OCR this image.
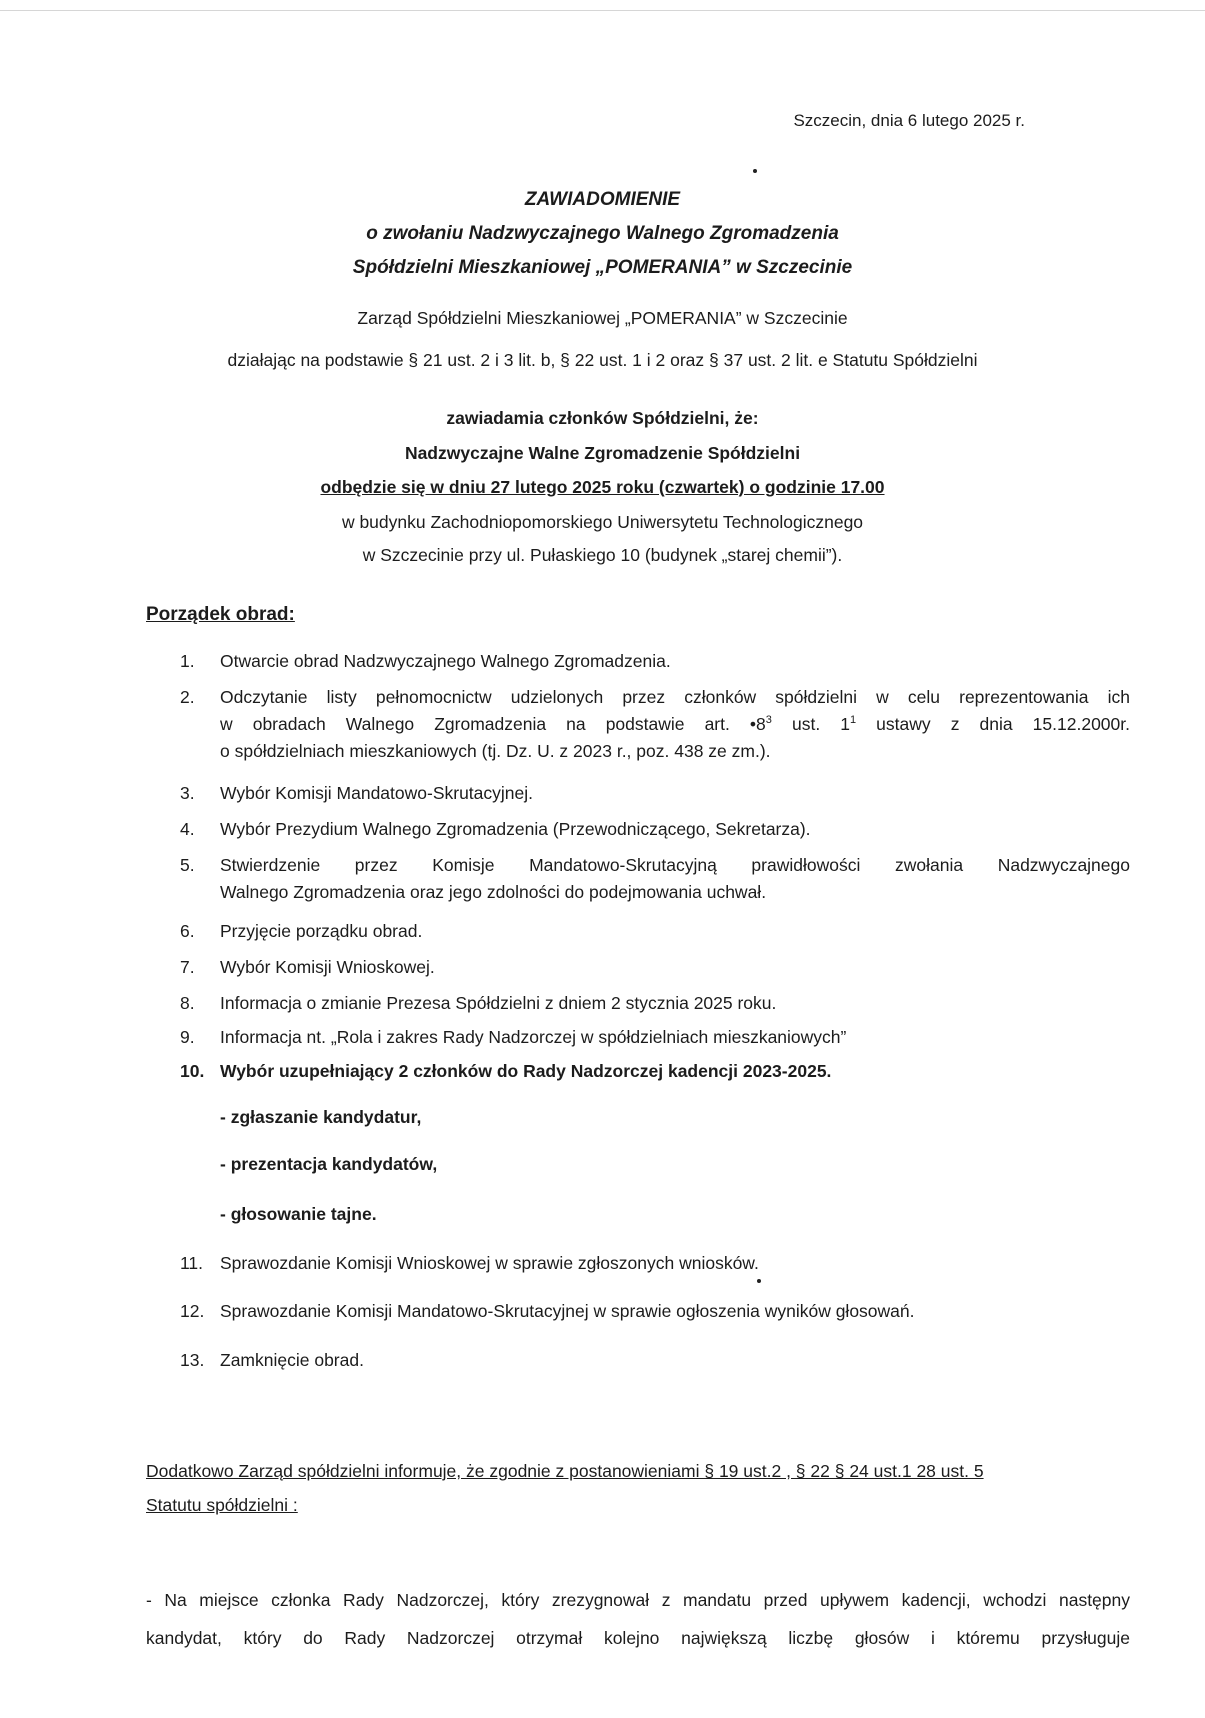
Szczecin, dnia 6 lutego 2025 r.
ZAWIADOMIENIE
o zwołaniu Nadzwyczajnego Walnego Zgromadzenia
Spółdzielni Mieszkaniowej „POMERANIA” w Szczecinie
Zarząd Spółdzielni Mieszkaniowej „POMERANIA” w Szczecinie
działając na podstawie § 21 ust. 2 i 3 lit. b, § 22 ust. 1 i 2 oraz § 37 ust. 2 lit. e Statutu Spółdzielni
zawiadamia członków Spółdzielni, że:
Nadzwyczajne Walne Zgromadzenie Spółdzielni
odbędzie się w dniu 27 lutego 2025 roku (czwartek) o godzinie 17.00
w budynku Zachodniopomorskiego Uniwersytetu Technologicznego
w Szczecinie przy ul. Pułaskiego 10 (budynek „starej chemii”).
Porządek obrad:
1.	Otwarcie obrad Nadzwyczajnego Walnego Zgromadzenia.
2.	Odczytanie listy pełnomocnictw udzielonych przez członków spółdzielni w celu reprezentowania ich
w obradach Walnego Zgromadzenia na podstawie art. $•8^3$ ust. $1^1$ ustawy z dnia 15.12.2000r.
o spółdzielniach mieszkaniowych (tj. Dz. U. z 2023 r., poz. 438 ze zm.).
3.	Wybór Komisji Mandatowo-Skrutacyjnej.
4.	Wybór Prezydium Walnego Zgromadzenia (Przewodniczącego, Sekretarza).
5.	Stwierdzenie przez Komisje Mandatowo-Skrutacyjną prawidłowości zwołania Nadzwyczajnego
Walnego Zgromadzenia oraz jego zdolności do podejmowania uchwał.
6.	Przyjęcie porządku obrad.
7.	Wybór Komisji Wnioskowej.
8.	Informacja o zmianie Prezesa Spółdzielni z dniem 2 stycznia 2025 roku.
9.	Informacja nt. „Rola i zakres Rady Nadzorczej w spółdzielniach mieszkaniowych”
10. Wybór uzupełniający 2 członków do Rady Nadzorczej kadencji 2023-2025.
- zgłaszanie kandydatur,
- prezentacja kandydatów,
- głosowanie tajne.
11. Sprawozdanie Komisji Wnioskowej w sprawie zgłoszonych wniosków.
12. Sprawozdanie Komisji Mandatowo-Skrutacyjnej w sprawie ogłoszenia wyników głosowań.
13. Zamknięcie obrad.
Dodatkowo Zarząd spółdzielni informuje, że zgodnie z postanowieniami § 19 ust.2 , § 22 § 24 ust.1 28 ust. 5
Statutu spółdzielni :
- Na miejsce członka Rady Nadzorczej, który zrezygnował z mandatu przed upływem kadencji, wchodzi następny
kandydat, który do Rady Nadzorczej otrzymał kolejno największą liczbę głosów i któremu przysługuje
